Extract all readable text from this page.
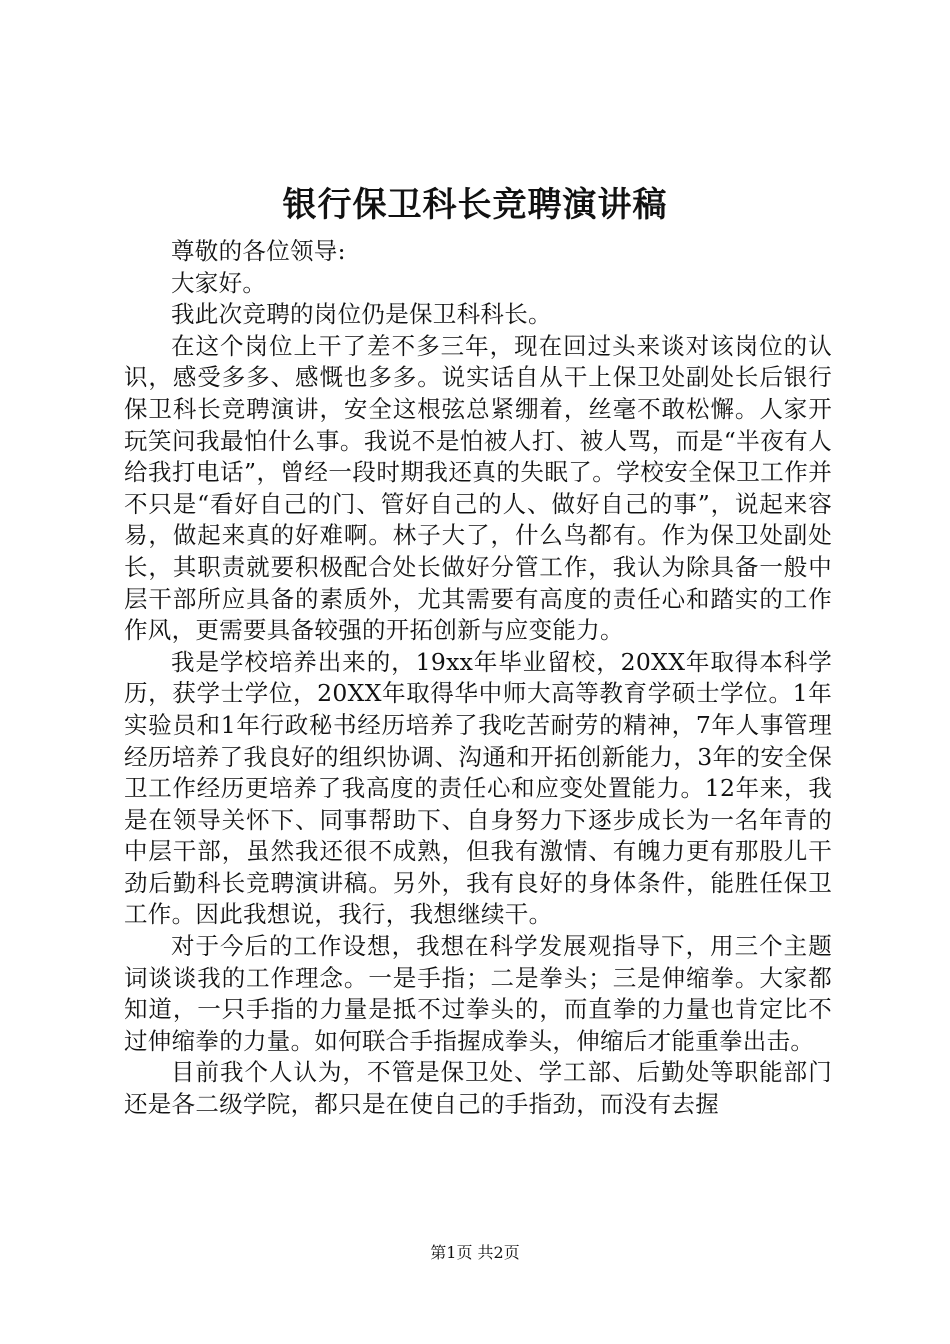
银行保卫科长竞聘演讲稿

尊敬的各位领导:

大家好。

我此次竞聘的岗位仍是保卫科科长。

在这个岗位上干了差不多三年，现在回过头来谈对该岗位的认识，感受多多、感慨也多多。说实话自从干上保卫处副处长后银行保卫科长竞聘演讲，安全这根弦总紧绷着，丝毫不敢松懈。人家开玩笑问我最怕什么事。我说不是怕被人打、被人骂，而是“半夜有人给我打电话”，曾经一段时期我还真的失眠了。学校安全保卫工作并不只是“看好自己的门、管好自己的人、做好自己的事”，说起来容易，做起来真的好难啊。林子大了，什么鸟都有。作为保卫处副处长，其职责就要积极配合处长做好分管工作，我认为除具备一般中层干部所应具备的素质外，尤其需要有高度的责任心和踏实的工作作风，更需要具备较强的开拓创新与应变能力。

我是学校培养出来的，19xx年毕业留校，20XX年取得本科学历，获学士学位，20XX年取得华中师大高等教育学硕士学位。1年实验员和1年行政秘书经历培养了我吃苦耐劳的精神，7年人事管理经历培养了我良好的组织协调、沟通和开拓创新能力，3年的安全保卫工作经历更培养了我高度的责任心和应变处置能力。12年来，我是在领导关怀下、同事帮助下、自身努力下逐步成长为一名年青的中层干部，虽然我还很不成熟，但我有激情、有魄力更有那股儿干劲后勤科长竞聘演讲稿。另外，我有良好的身体条件，能胜任保卫工作。因此我想说，我行，我想继续干。

对于今后的工作设想，我想在科学发展观指导下，用三个主题词谈谈我的工作理念。一是手指；二是拳头；三是伸缩拳。大家都知道，一只手指的力量是抵不过拳头的，而直拳的力量也肯定比不过伸缩拳的力量。如何联合手指握成拳头，伸缩后才能重拳出击。

目前我个人认为，不管是保卫处、学工部、后勤处等职能部门还是各二级学院，都只是在使自己的手指劲，而没有去握

第1页 共2页
